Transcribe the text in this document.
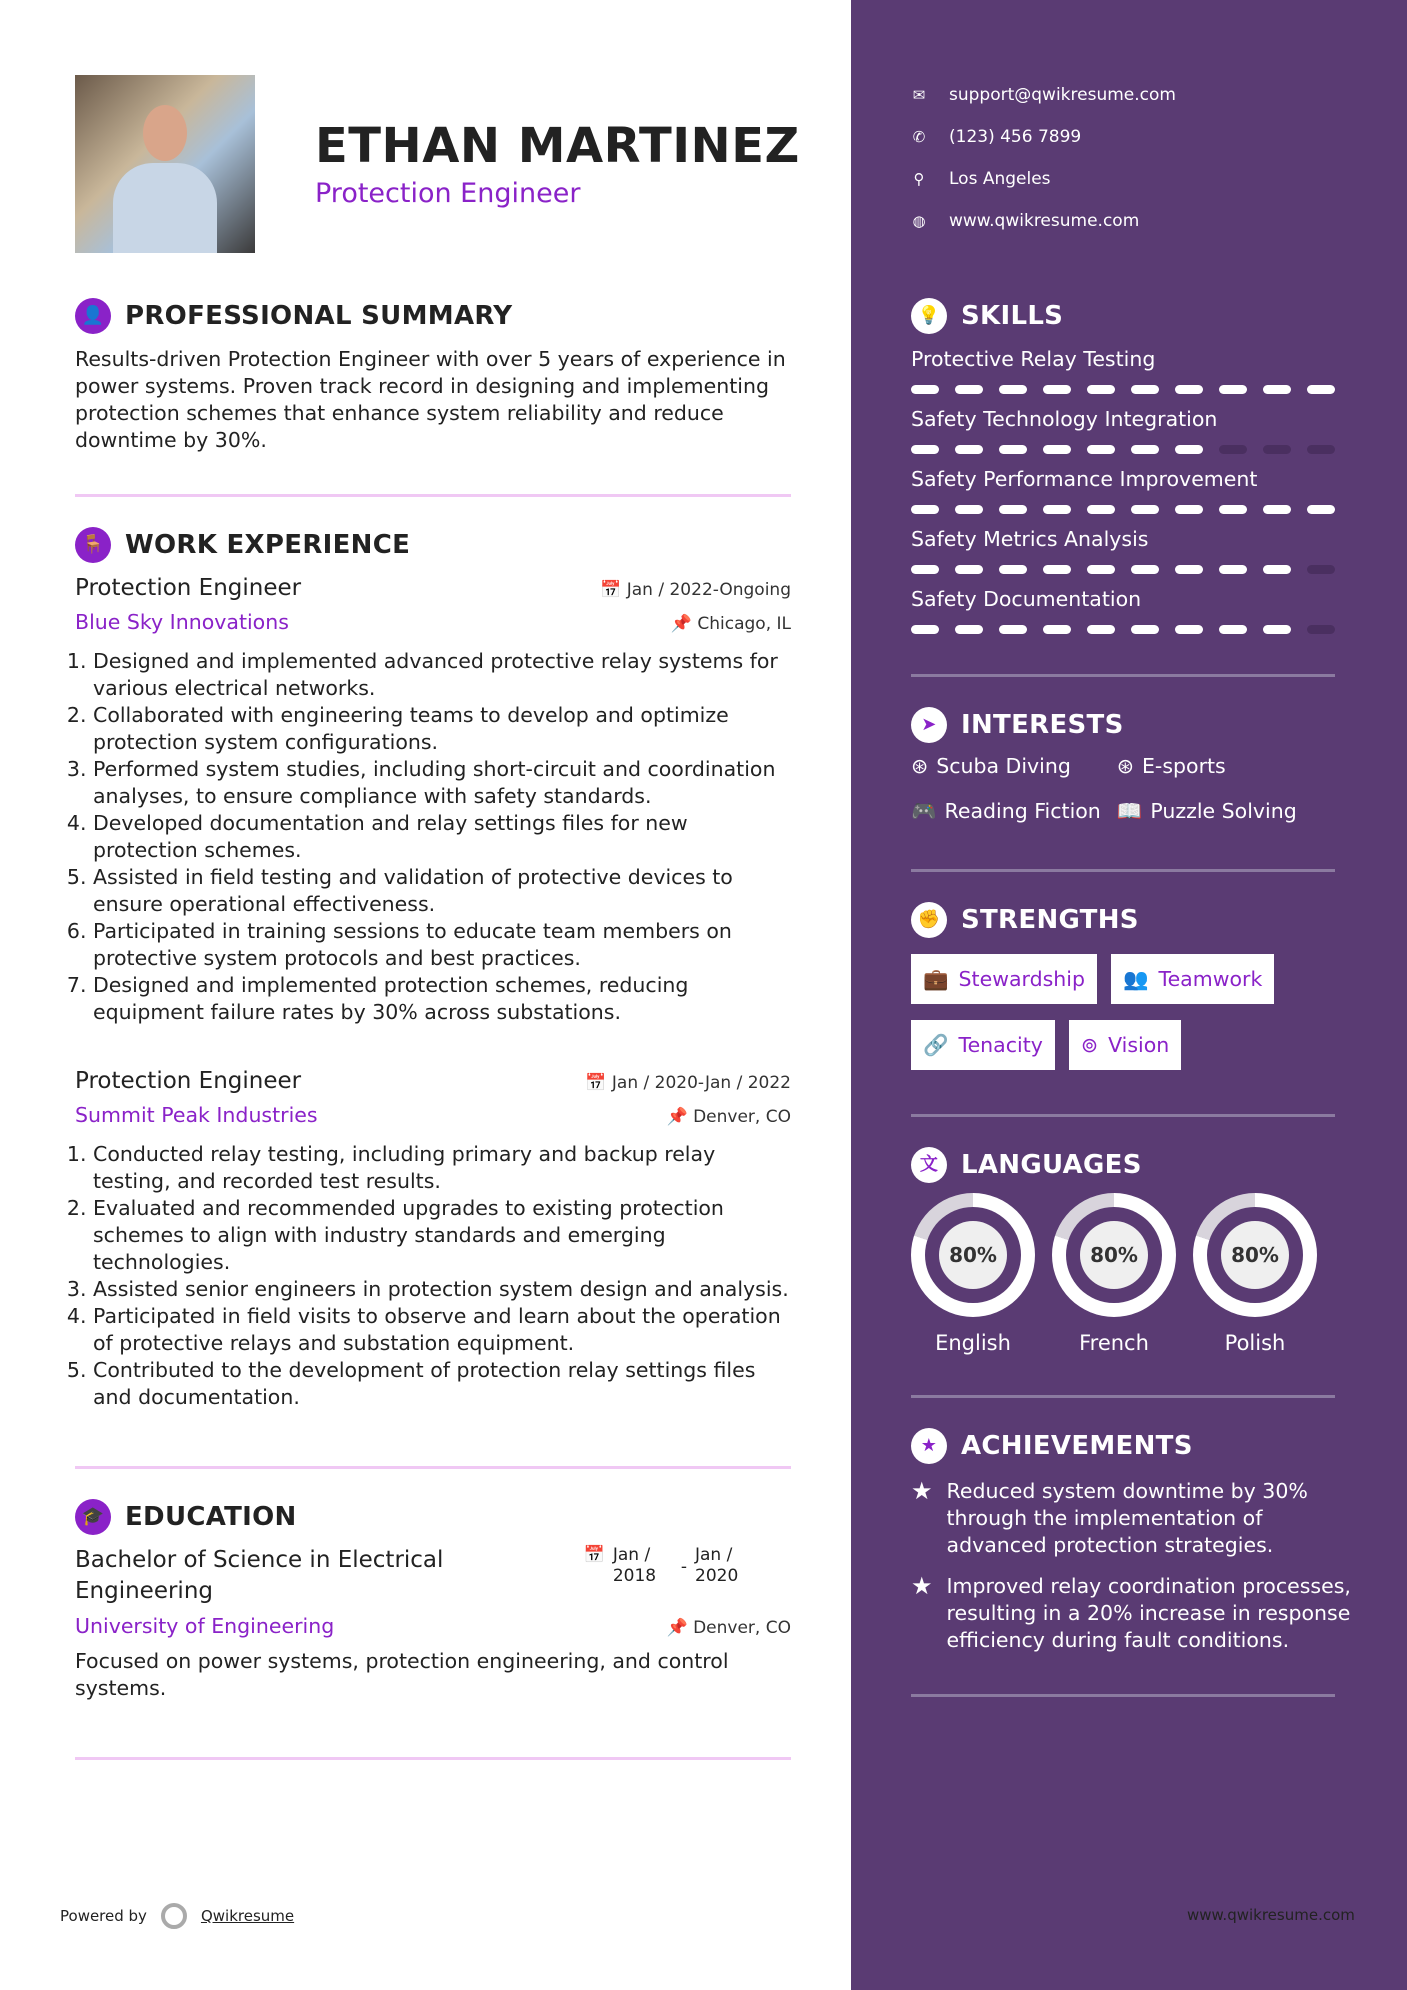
ETHAN MARTINEZ
Protection Engineer
👤 PROFESSIONAL SUMMARY
Results-driven Protection Engineer with over 5 years of experience in power systems. Proven track record in designing and implementing protection schemes that enhance system reliability and reduce downtime by 30%.
🪑 WORK EXPERIENCE
Protection Engineer	📅 Jan / 2022-Ongoing
Blue Sky Innovations	📌 Chicago, IL
1. Designed and implemented advanced protective relay systems for various electrical networks.
2. Collaborated with engineering teams to develop and optimize protection system configurations.
3. Performed system studies, including short-circuit and coordination analyses, to ensure compliance with safety standards.
4. Developed documentation and relay settings files for new protection schemes.
5. Assisted in field testing and validation of protective devices to ensure operational effectiveness.
6. Participated in training sessions to educate team members on protective system protocols and best practices.
7. Designed and implemented protection schemes, reducing equipment failure rates by 30% across substations.
Protection Engineer	📅 Jan / 2020-Jan / 2022
Summit Peak Industries	📌 Denver, CO
1. Conducted relay testing, including primary and backup relay testing, and recorded test results.
2. Evaluated and recommended upgrades to existing protection schemes to align with industry standards and emerging technologies.
3. Assisted senior engineers in protection system design and analysis.
4. Participated in field visits to observe and learn about the operation of protective relays and substation equipment.
5. Contributed to the development of protection relay settings files and documentation.
🎓 EDUCATION
Bachelor of Science in Electrical Engineering
📅 Jan / 2018	-
Jan / 2020
University of Engineering	📌 Denver, CO
Focused on power systems, protection engineering, and control systems.
Powered by	Qwikresume
✉ support@qwikresume.com
✆ (123) 456 7899
⚲ Los Angeles
◍ www.qwikresume.com
💡 SKILLS
Protective Relay Testing
Safety Technology Integration
Safety Performance Improvement
Safety Metrics Analysis
Safety Documentation
➤ INTERESTS
⊛ Scuba Diving ⊛ E-sports
🎮 Reading Fiction 📖 Puzzle Solving
✊ STRENGTHS
💼 Stewardship 👥 Teamwork
🔗 Tenacity ⊚ Vision
文 LANGUAGES
80%
English
80%
French
80%
Polish
★ ACHIEVEMENTS
★ Reduced system downtime by 30% through the implementation of advanced protection strategies.
★ Improved relay coordination processes, resulting in a 20% increase in response efficiency during fault conditions.
www.qwikresume.com
